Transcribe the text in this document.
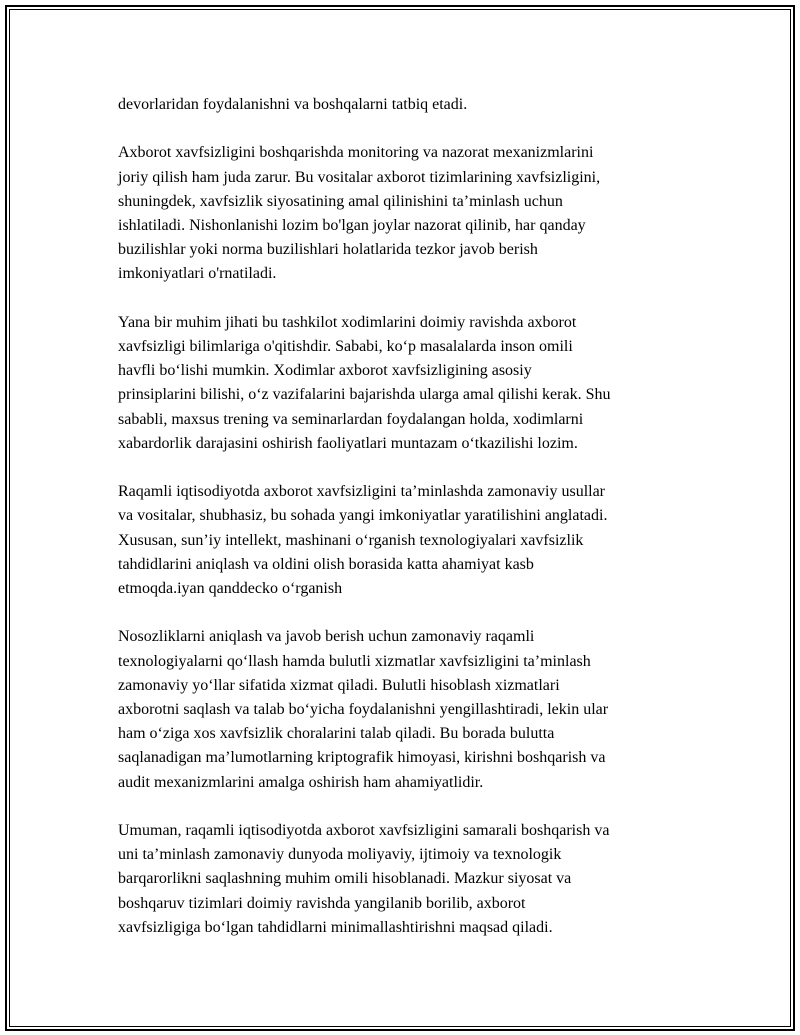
devorlaridan foydalanishni va boshqalarni tatbiq etadi.

Axborot xavfsizligini boshqarishda monitoring va nazorat mexanizmlarini
joriy qilish ham juda zarur. Bu vositalar axborot tizimlarining xavfsizligini,
shuningdek, xavfsizlik siyosatining amal qilinishini ta’minlash uchun
ishlatiladi. Nishonlanishi lozim bo'lgan joylar nazorat qilinib, har qanday
buzilishlar yoki norma buzilishlari holatlarida tezkor javob berish
imkoniyatlari o'rnatiladi.

Yana bir muhim jihati bu tashkilot xodimlarini doimiy ravishda axborot
xavfsizligi bilimlariga o'qitishdir. Sababi, koʻp masalalarda inson omili
havfli boʻlishi mumkin. Xodimlar axborot xavfsizligining asosiy
prinsiplarini bilishi, oʻz vazifalarini bajarishda ularga amal qilishi kerak. Shu
sababli, maxsus trening va seminarlardan foydalangan holda, xodimlarni
xabardorlik darajasini oshirish faoliyatlari muntazam oʻtkazilishi lozim.

Raqamli iqtisodiyotda axborot xavfsizligini ta’minlashda zamonaviy usullar
va vositalar, shubhasiz, bu sohada yangi imkoniyatlar yaratilishini anglatadi.
Xususan, sun’iy intellekt, mashinani oʻrganish texnologiyalari xavfsizlik
tahdidlarini aniqlash va oldini olish borasida katta ahamiyat kasb
etmoqda.iyan qanddecko oʻrganish

Nosozliklarni aniqlash va javob berish uchun zamonaviy raqamli
texnologiyalarni qoʻllash hamda bulutli xizmatlar xavfsizligini ta’minlash
zamonaviy yoʻllar sifatida xizmat qiladi. Bulutli hisoblash xizmatlari
axborotni saqlash va talab boʻyicha foydalanishni yengillashtiradi, lekin ular
ham oʻziga xos xavfsizlik choralarini talab qiladi. Bu borada bulutta
saqlanadigan ma’lumotlarning kriptografik himoyasi, kirishni boshqarish va
audit mexanizmlarini amalga oshirish ham ahamiyatlidir.

Umuman, raqamli iqtisodiyotda axborot xavfsizligini samarali boshqarish va
uni ta’minlash zamonaviy dunyoda moliyaviy, ijtimoiy va texnologik
barqarorlikni saqlashning muhim omili hisoblanadi. Mazkur siyosat va
boshqaruv tizimlari doimiy ravishda yangilanib borilib, axborot
xavfsizligiga boʻlgan tahdidlarni minimallashtirishni maqsad qiladi.
